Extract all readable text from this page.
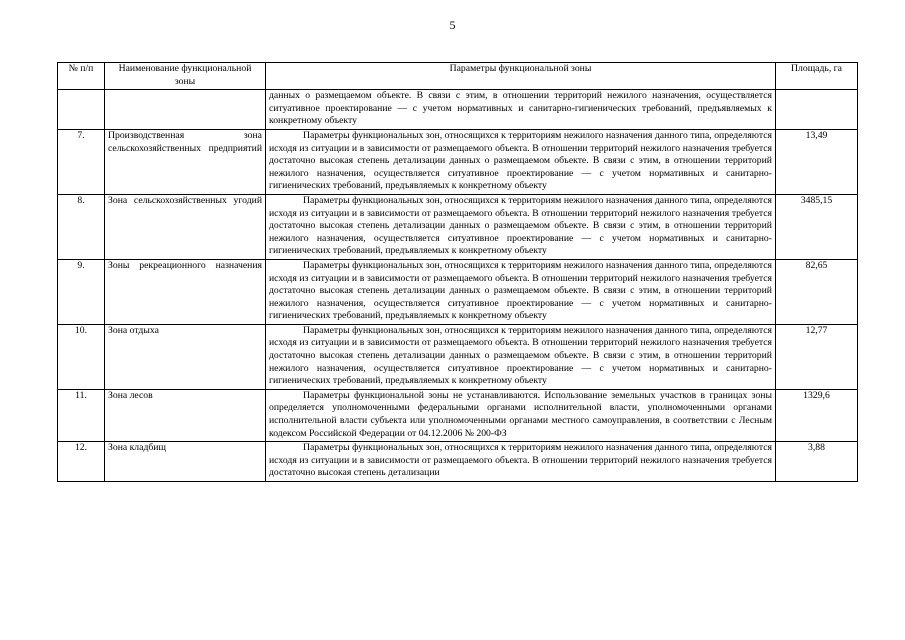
5
№ п/п	Наименование функциональной зоны	Параметры функциональной зоны	Площадь, га
		данных о размещаемом объекте. В связи с этим, в отношении территорий нежилого назначения, осуществляется ситуативное проектирование — с учетом нормативных и санитарно-гигиенических требований, предъявляемых к конкретному объекту	
7.	Производственная зона сельскохозяйственных предприятий	Параметры функциональных зон, относящихся к территориям нежилого назначения данного типа, определяются исходя из ситуации и в зависимости от размещаемого объекта. В отношении территорий нежилого назначения требуется достаточно высокая степень детализации данных о размещаемом объекте. В связи с этим, в отношении территорий нежилого назначения, осуществляется ситуативное проектирование — с учетом нормативных и санитарно-гигиенических требований, предъявляемых к конкретному объекту	13,49
8.	Зона сельскохозяйственных угодий	Параметры функциональных зон, относящихся к территориям нежилого назначения данного типа, определяются исходя из ситуации и в зависимости от размещаемого объекта. В отношении территорий нежилого назначения требуется достаточно высокая степень детализации данных о размещаемом объекте. В связи с этим, в отношении территорий нежилого назначения, осуществляется ситуативное проектирование — с учетом нормативных и санитарно-гигиенических требований, предъявляемых к конкретному объекту	3485,15
9.	Зоны рекреационного назначения	Параметры функциональных зон, относящихся к территориям нежилого назначения данного типа, определяются исходя из ситуации и в зависимости от размещаемого объекта. В отношении территорий нежилого назначения требуется достаточно высокая степень детализации данных о размещаемом объекте. В связи с этим, в отношении территорий нежилого назначения, осуществляется ситуативное проектирование — с учетом нормативных и санитарно-гигиенических требований, предъявляемых к конкретному объекту	82,65
10.	Зона отдыха	Параметры функциональных зон, относящихся к территориям нежилого назначения данного типа, определяются исходя из ситуации и в зависимости от размещаемого объекта. В отношении территорий нежилого назначения требуется достаточно высокая степень детализации данных о размещаемом объекте. В связи с этим, в отношении территорий нежилого назначения, осуществляется ситуативное проектирование — с учетом нормативных и санитарно-гигиенических требований, предъявляемых к конкретному объекту	12,77
11.	Зона лесов	Параметры функциональной зоны не устанавливаются. Использование земельных участков в границах зоны определяется уполномоченными федеральными органами исполнительной власти, уполномоченными органами исполнительной власти субъекта или уполномоченными органами местного самоуправления, в соответствии с Лесным кодексом Российской Федерации от 04.12.2006 № 200-ФЗ	1329,6
12.	Зона кладбищ	Параметры функциональных зон, относящихся к территориям нежилого назначения данного типа, определяются исходя из ситуации и в зависимости от размещаемого объекта. В отношении территорий нежилого назначения требуется достаточно высокая степень детализации	3,88
